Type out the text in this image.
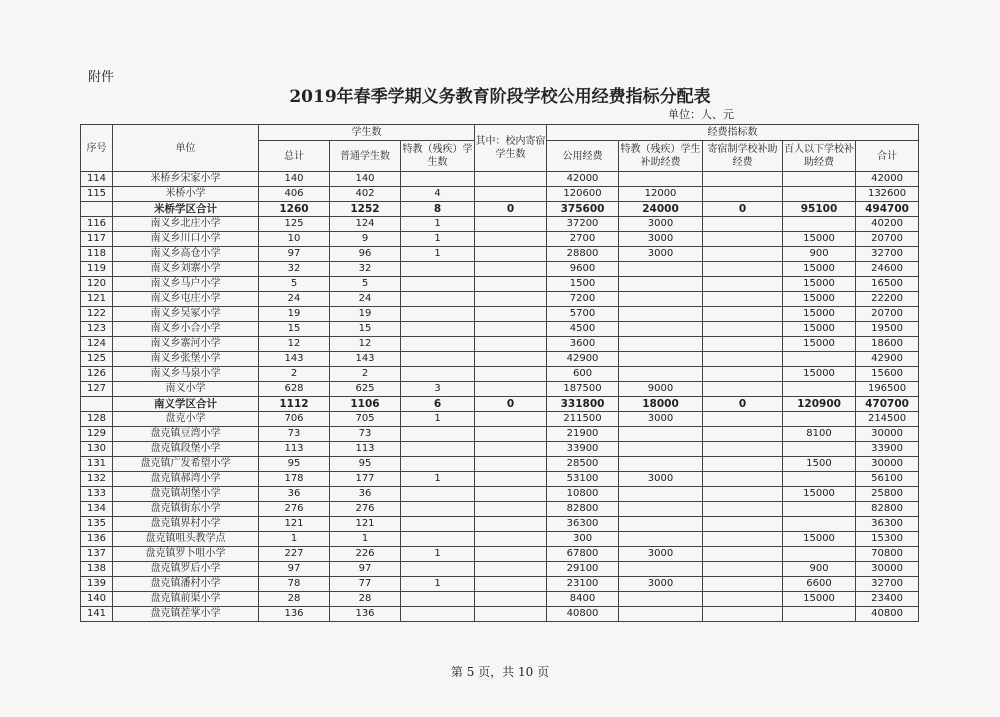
附件
2019年春季学期义务教育阶段学校公用经费指标分配表
单位：人、元
序号	单位	学生数			其中：校内寄宿学生数	经费指标数				
		总计	普通学生数	特教（残疾）学生数		公用经费	特教（残疾）学生补助经费	寄宿制学校补助经费	百人以下学校补助经费	合计
114	米桥乡宋家小学	140	140			42000				42000
115	米桥小学	406	402	4		120600	12000			132600
	米桥学区合计	1260	1252	8	0	375600	24000	0	95100	494700
116	南义乡北庄小学	125	124	1		37200	3000			40200
117	南义乡川口小学	10	9	1		2700	3000		15000	20700
118	南义乡高仓小学	97	96	1		28800	3000		900	32700
119	南义乡刘寨小学	32	32			9600			15000	24600
120	南义乡马户小学	5	5			1500			15000	16500
121	南义乡屯庄小学	24	24			7200			15000	22200
122	南义乡吴冢小学	19	19			5700			15000	20700
123	南义乡小合小学	15	15			4500			15000	19500
124	南义乡寨河小学	12	12			3600			15000	18600
125	南义乡张堡小学	143	143			42900				42900
126	南义乡马泉小学	2	2			600			15000	15600
127	南义小学	628	625	3		187500	9000			196500
	南义学区合计	1112	1106	6	0	331800	18000	0	120900	470700
128	盘克小学	706	705	1		211500	3000			214500
129	盘克镇豆湾小学	73	73			21900			8100	30000
130	盘克镇段堡小学	113	113			33900				33900
131	盘克镇广发希望小学	95	95			28500			1500	30000
132	盘克镇郝湾小学	178	177	1		53100	3000			56100
133	盘克镇胡堡小学	36	36			10800			15000	25800
134	盘克镇街东小学	276	276			82800				82800
135	盘克镇界村小学	121	121			36300				36300
136	盘克镇咀头教学点	1	1			300			15000	15300
137	盘克镇罗卜咀小学	227	226	1		67800	3000			70800
138	盘克镇罗后小学	97	97			29100			900	30000
139	盘克镇潘村小学	78	77	1		23100	3000		6600	32700
140	盘克镇前渠小学	28	28			8400			15000	23400
141	盘克镇茬掌小学	136	136			40800				40800
第 5 页，共 10 页
